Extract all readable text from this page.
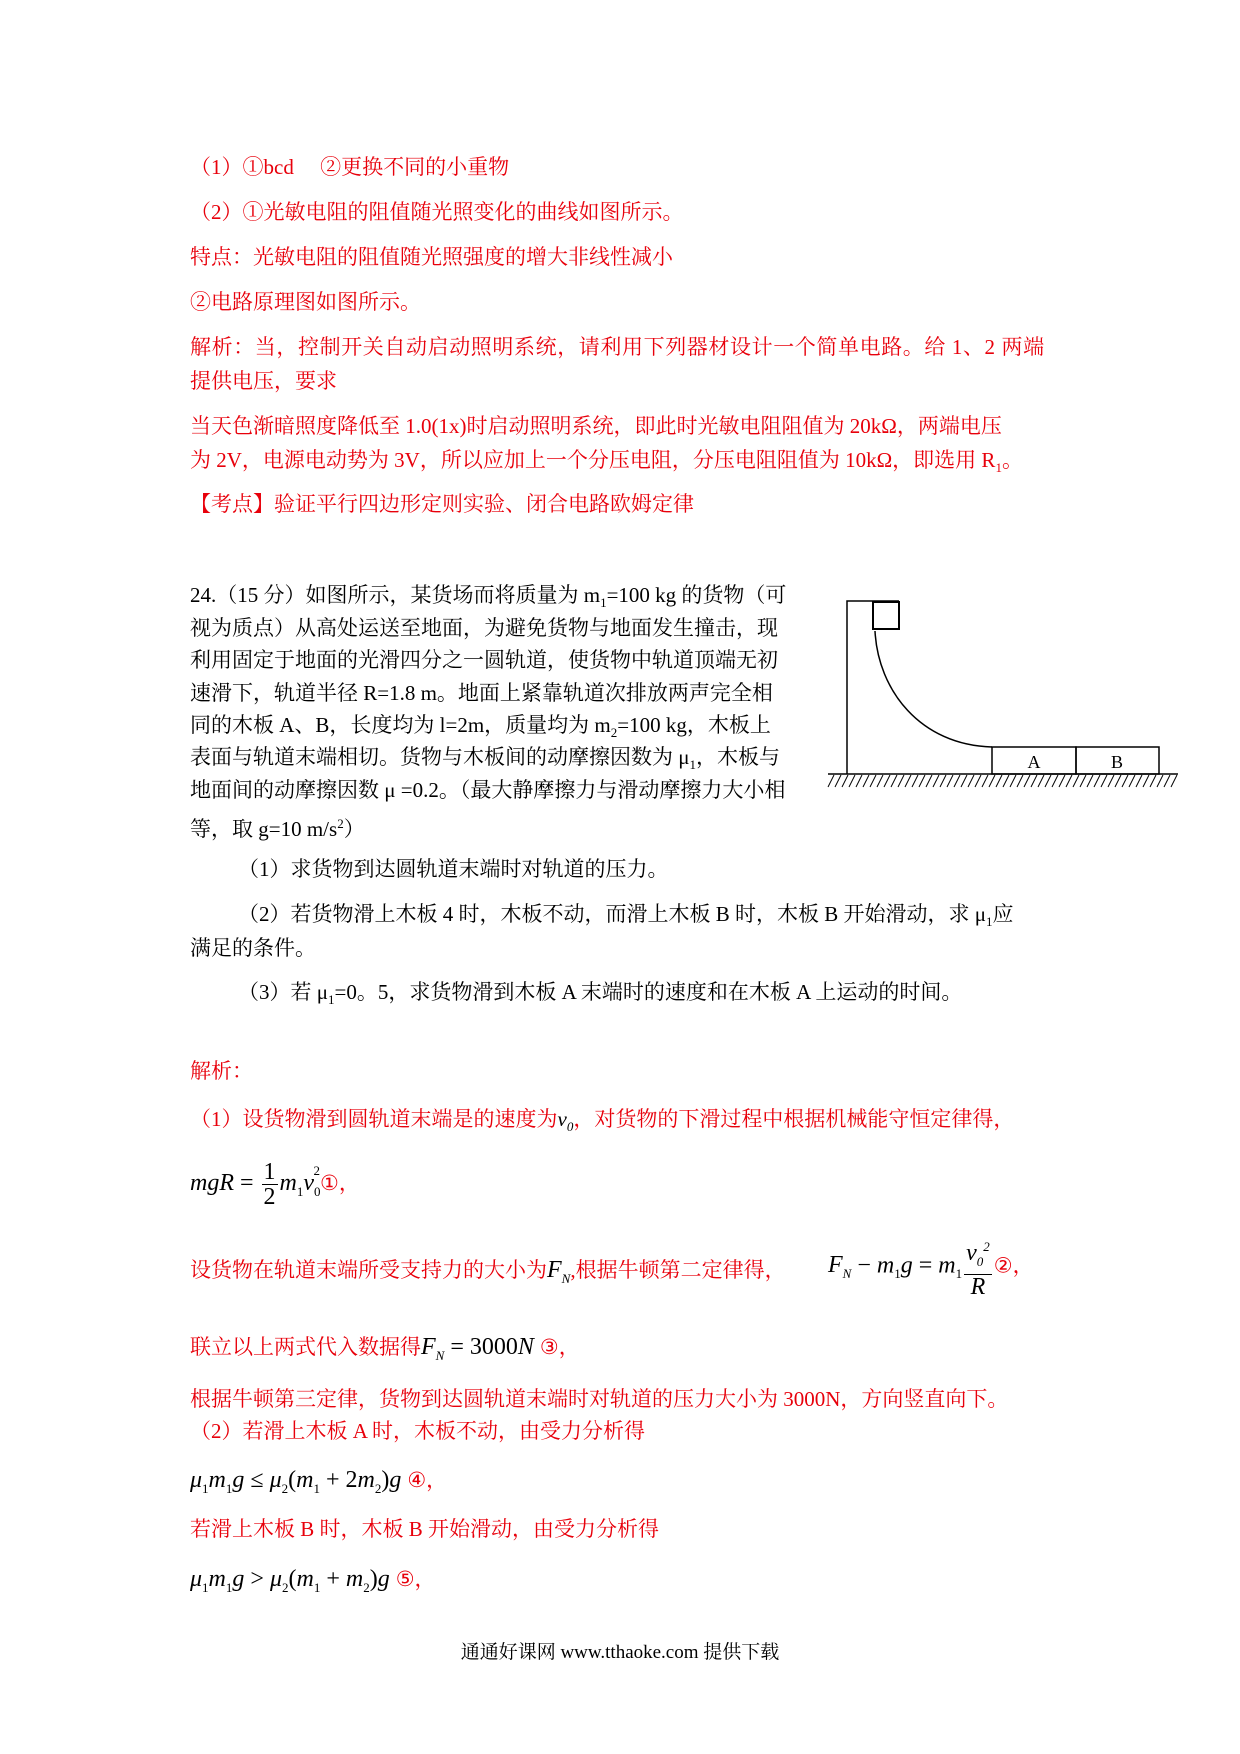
（1）①bcd　 ②更换不同的小重物
（2）①光敏电阻的阻值随光照变化的曲线如图所示。
特点：光敏电阻的阻值随光照强度的增大非线性减小
②电路原理图如图所示。
解析：当，控制开关自动启动照明系统，请利用下列器材设计一个简单电路。给 1、2 两端
提供电压，要求
当天色渐暗照度降低至 1.0(1x)时启动照明系统，即此时光敏电阻阻值为 20kΩ，两端电压
为 2V，电源电动势为 3V，所以应加上一个分压电阻，分压电阻阻值为 10kΩ，即选用 $R_1$。
【考点】验证平行四边形定则实验、闭合电路欧姆定律
24.（15 分）如图所示，某货场而将质量为 $m_1=100$ kg 的货物（可
视为质点）从高处运送至地面，为避免货物与地面发生撞击，现
利用固定于地面的光滑四分之一圆轨道，使货物中轨道顶端无初
速滑下，轨道半径 R=1.8 m。地面上紧靠轨道次排放两声完全相
同的木板 A、B，长度均为 l=2m，质量均为 $m_2=100$ kg，木板上
表面与轨道末端相切。货物与木板间的动摩擦因数为 $\mu_1$，木板与
地面间的动摩擦因数 μ =0.2。（最大静摩擦力与滑动摩擦力大小相
等，取 g=10 $m/s^2$）
（1）求货物到达圆轨道末端时对轨道的压力。
（2）若货物滑上木板 4 时，木板不动，而滑上木板 B 时，木板 B 开始滑动，求 $\mu_1$应
满足的条件。
（3）若 $\mu_1=0$。5，求货物滑到木板 A 末端时的速度和在木板 A 上运动的时间。
A	B
解析：
（1）设货物滑到圆轨道末端是的速度为$v_0$，对货物的下滑过程中根据机械能守恒定律得，
mgR = $\frac{1}{2}$ $m_1v_0^2①$，
设货物在轨道末端所受支持力的大小为$F_N$,根据牛顿第二定律得， $F_N - m_1g = m_1 \frac{v_0^2}{R}$ ②，
联立以上两式代入数据得$F_N = 3000N$ ③，
根据牛顿第三定律，货物到达圆轨道末端时对轨道的压力大小为 3000N，方向竖直向下。
（2）若滑上木板 A 时，木板不动，由受力分析得
$\mu_1m_1g \le \mu_2(m_1 + 2m_2)g$ ④，
若滑上木板 B 时，木板 B 开始滑动，由受力分析得
$\mu_1m_1g > \mu_2(m_1 + m_2)g$ ⑤，
通通好课网 www.tthaoke.com 提供下载
